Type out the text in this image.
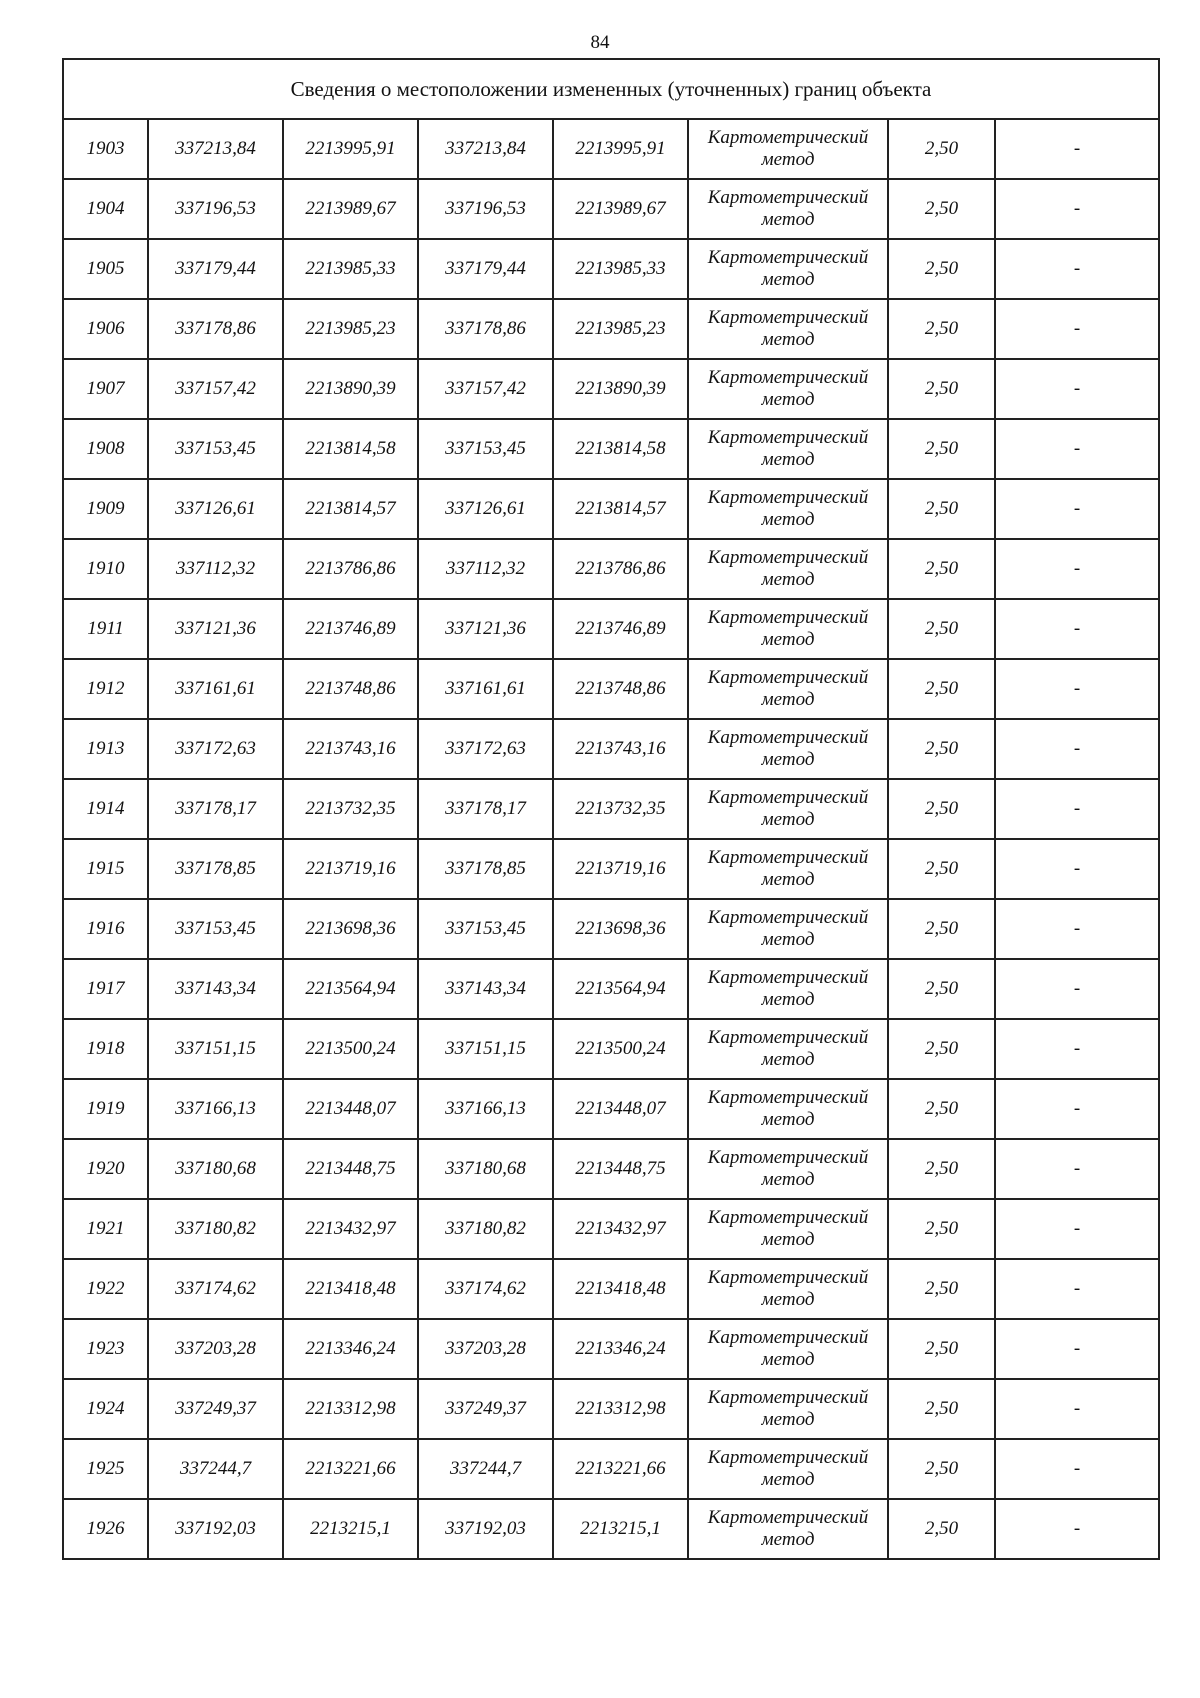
84
Сведения о местоположении измененных (уточненных) границ объекта							
1903	337213,84	2213995,91	337213,84	2213995,91	Картометрический
метод	2,50	-
1904	337196,53	2213989,67	337196,53	2213989,67	Картометрический
метод	2,50	-
1905	337179,44	2213985,33	337179,44	2213985,33	Картометрический
метод	2,50	-
1906	337178,86	2213985,23	337178,86	2213985,23	Картометрический
метод	2,50	-
1907	337157,42	2213890,39	337157,42	2213890,39	Картометрический
метод	2,50	-
1908	337153,45	2213814,58	337153,45	2213814,58	Картометрический
метод	2,50	-
1909	337126,61	2213814,57	337126,61	2213814,57	Картометрический
метод	2,50	-
1910	337112,32	2213786,86	337112,32	2213786,86	Картометрический
метод	2,50	-
1911	337121,36	2213746,89	337121,36	2213746,89	Картометрический
метод	2,50	-
1912	337161,61	2213748,86	337161,61	2213748,86	Картометрический
метод	2,50	-
1913	337172,63	2213743,16	337172,63	2213743,16	Картометрический
метод	2,50	-
1914	337178,17	2213732,35	337178,17	2213732,35	Картометрический
метод	2,50	-
1915	337178,85	2213719,16	337178,85	2213719,16	Картометрический
метод	2,50	-
1916	337153,45	2213698,36	337153,45	2213698,36	Картометрический
метод	2,50	-
1917	337143,34	2213564,94	337143,34	2213564,94	Картометрический
метод	2,50	-
1918	337151,15	2213500,24	337151,15	2213500,24	Картометрический
метод	2,50	-
1919	337166,13	2213448,07	337166,13	2213448,07	Картометрический
метод	2,50	-
1920	337180,68	2213448,75	337180,68	2213448,75	Картометрический
метод	2,50	-
1921	337180,82	2213432,97	337180,82	2213432,97	Картометрический
метод	2,50	-
1922	337174,62	2213418,48	337174,62	2213418,48	Картометрический
метод	2,50	-
1923	337203,28	2213346,24	337203,28	2213346,24	Картометрический
метод	2,50	-
1924	337249,37	2213312,98	337249,37	2213312,98	Картометрический
метод	2,50	-
1925	337244,7	2213221,66	337244,7	2213221,66	Картометрический
метод	2,50	-
1926	337192,03	2213215,1	337192,03	2213215,1	Картометрический
метод	2,50	-
